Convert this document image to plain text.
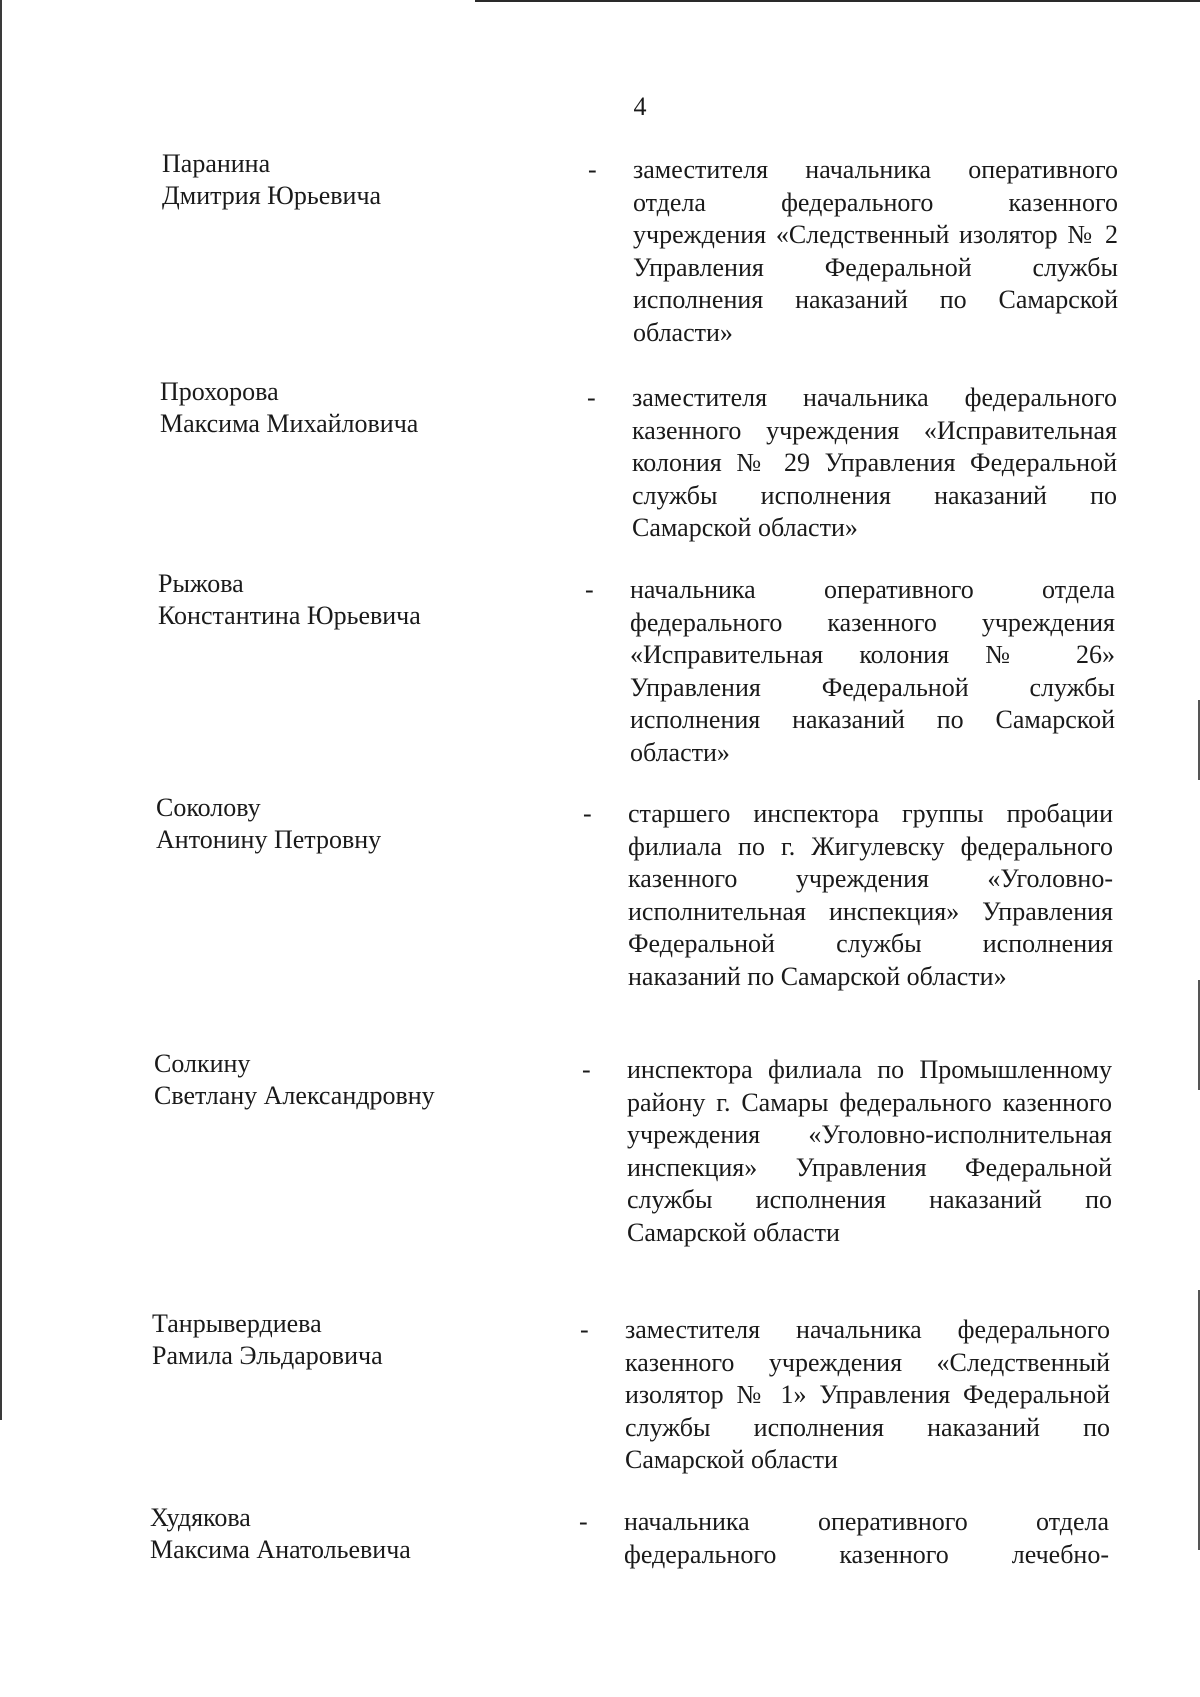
4
Паранина
Дмитрия Юрьевича
- заместителя начальника оперативного отдела федерального казенного учреждения «Следственный изолятор № 2 Управления Федеральной службы исполнения наказаний по Самарской области»
Прохорова
Максима Михайловича
- заместителя начальника федерального казенного учреждения «Исправительная колония № 29 Управления Федеральной службы исполнения наказаний по Самарской области»
Рыжова
Константина Юрьевича
- начальника оперативного отдела федерального казенного учреждения «Исправительная колония № 26» Управления Федеральной службы исполнения наказаний по Самарской области»
Соколову
Антонину Петровну
- старшего инспектора группы пробации филиала по г. Жигулевску федерального казенного учреждения «Уголовно-исполнительная инспекция» Управления Федеральной службы исполнения наказаний по Самарской области»
Солкину
Светлану Александровну
- инспектора филиала по Промышленному району г. Самары федерального казенного учреждения «Уголовно-исполнительная инспекция» Управления Федеральной службы исполнения наказаний по Самарской области
Танрывердиева
Рамила Эльдаровича
- заместителя начальника федерального казенного учреждения «Следственный изолятор № 1» Управления Федеральной службы исполнения наказаний по Самарской области
Худякова
Максима Анатольевича
- начальника оперативного отдела федерального казенного лечебно-
